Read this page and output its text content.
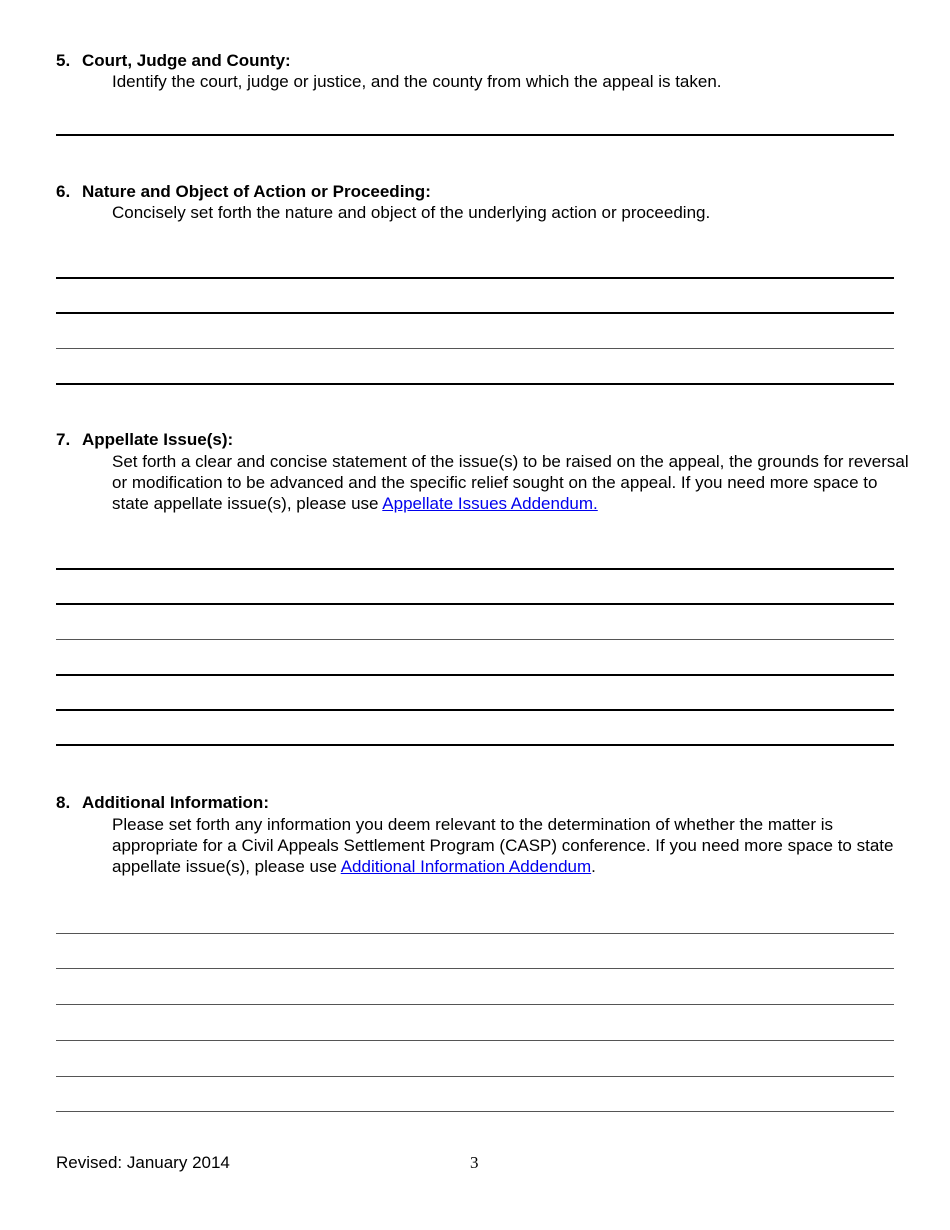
5. Court, Judge and County:
Identify the court, judge or justice, and the county from which the appeal is taken.
6. Nature and Object of Action or Proceeding:
Concisely set forth the nature and object of the underlying action or proceeding.
7. Appellate Issue(s):
Set forth a clear and concise statement of the issue(s) to be raised on the appeal, the grounds for reversal or modification to be advanced and the specific relief sought on the appeal. If you need more space to state appellate issue(s), please use Appellate Issues Addendum.
8. Additional Information:
Please set forth any information you deem relevant to the determination of whether the matter is appropriate for a Civil Appeals Settlement Program (CASP) conference. If you need more space to state appellate issue(s), please use Additional Information Addendum.
Revised: January 2014	3
